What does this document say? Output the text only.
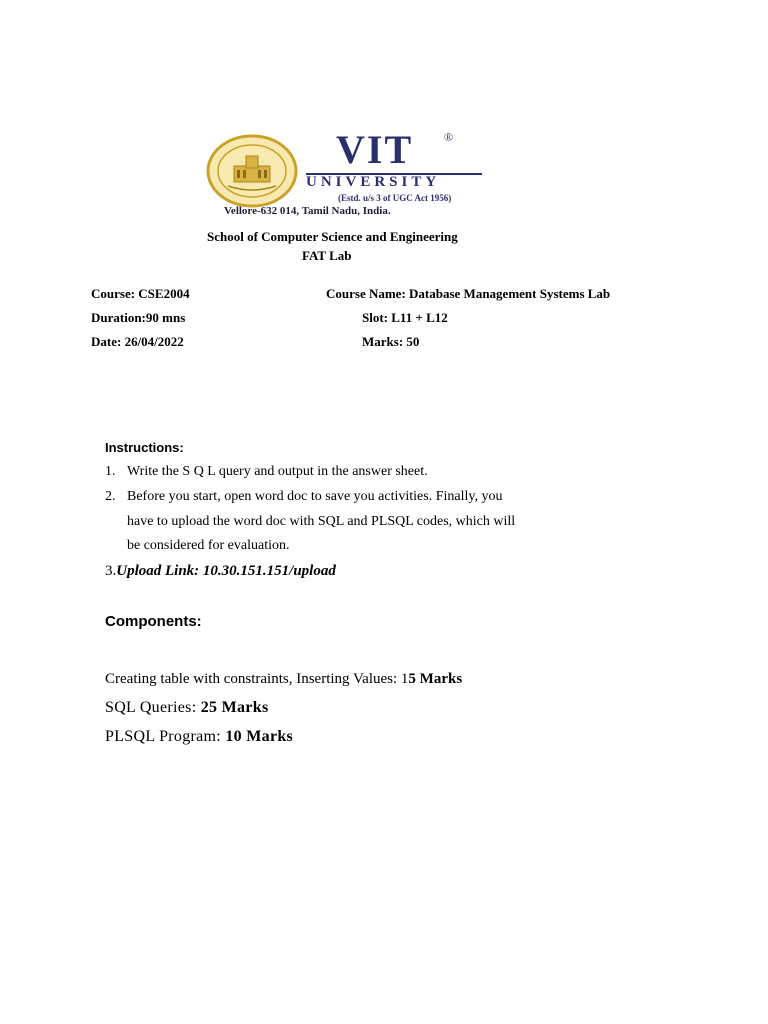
VIT	®
UNIVERSITY
(Estd. u/s 3 of UGC Act 1956)
Vellore-632 014, Tamil Nadu, India.
School of Computer Science and Engineering
FAT Lab
Course: CSE2004	Course Name: Database Management Systems Lab
Duration:90 mns	Slot: L11 + L12
Date: 26/04/2022	Marks: 50
Instructions:
1. Write the S Q L query and output in the answer sheet.
2. Before you start, open word doc to save you activities. Finally, you
have to upload the word doc with SQL and PLSQL codes, which will
be considered for evaluation.
3.Upload Link: 10.30.151.151/upload
Components:
Creating table with constraints, Inserting Values: 15 Marks
SQL Queries: 25 Marks
PLSQL Program: 10 Marks
